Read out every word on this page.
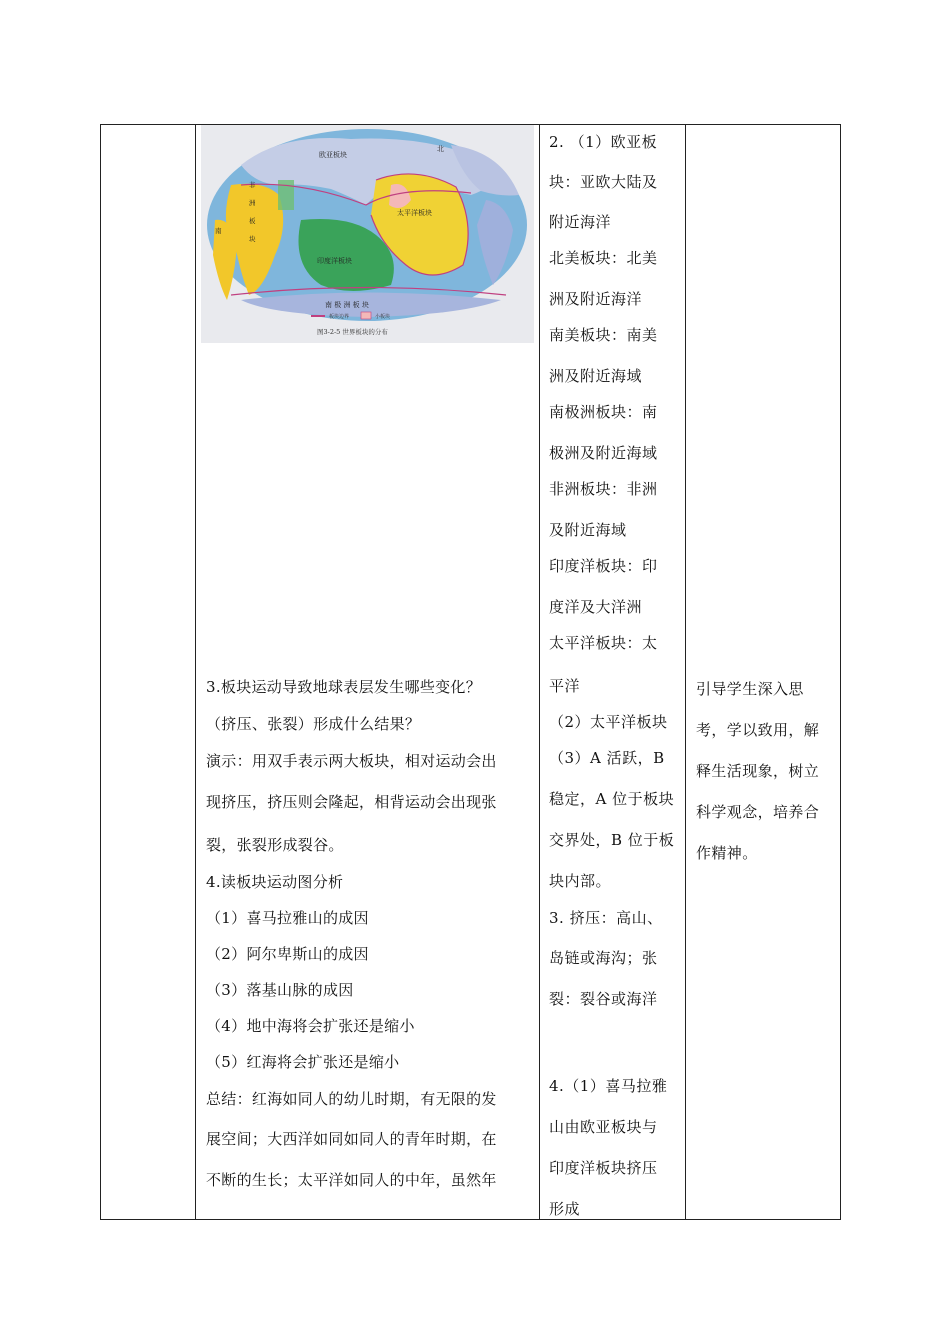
北
欧亚板块
非
洲
板
块
南
太平洋板块
印度洋板块
南 极 洲 板 块
板块边界	小板块
图3-2-5 世界板块的分布
3.板块运动导致地球表层发生哪些变化？
（挤压、张裂）形成什么结果？
演示：用双手表示两大板块，相对运动会出
现挤压，挤压则会隆起，相背运动会出现张
裂，张裂形成裂谷。
4.读板块运动图分析
（1）喜马拉雅山的成因
（2）阿尔卑斯山的成因
（3）落基山脉的成因
（4）地中海将会扩张还是缩小
（5）红海将会扩张还是缩小
总结：红海如同人的幼儿时期，有无限的发
展空间；大西洋如同如同人的青年时期，在
不断的生长；太平洋如同人的中年，虽然年
2. （1）欧亚板
块：亚欧大陆及
附近海洋
北美板块：北美
洲及附近海洋
南美板块：南美
洲及附近海域
南极洲板块：南
极洲及附近海域
非洲板块：非洲
及附近海域
印度洋板块：印
度洋及大洋洲
太平洋板块：太
平洋
（2）太平洋板块
（3）A 活跃，B
稳定，A 位于板块
交界处，B 位于板
块内部。
3. 挤压：高山、
岛链或海沟；张
裂：裂谷或海洋
4.（1）喜马拉雅
山由欧亚板块与
印度洋板块挤压
形成
引导学生深入思
考，学以致用，解
释生活现象，树立
科学观念，培养合
作精神。
